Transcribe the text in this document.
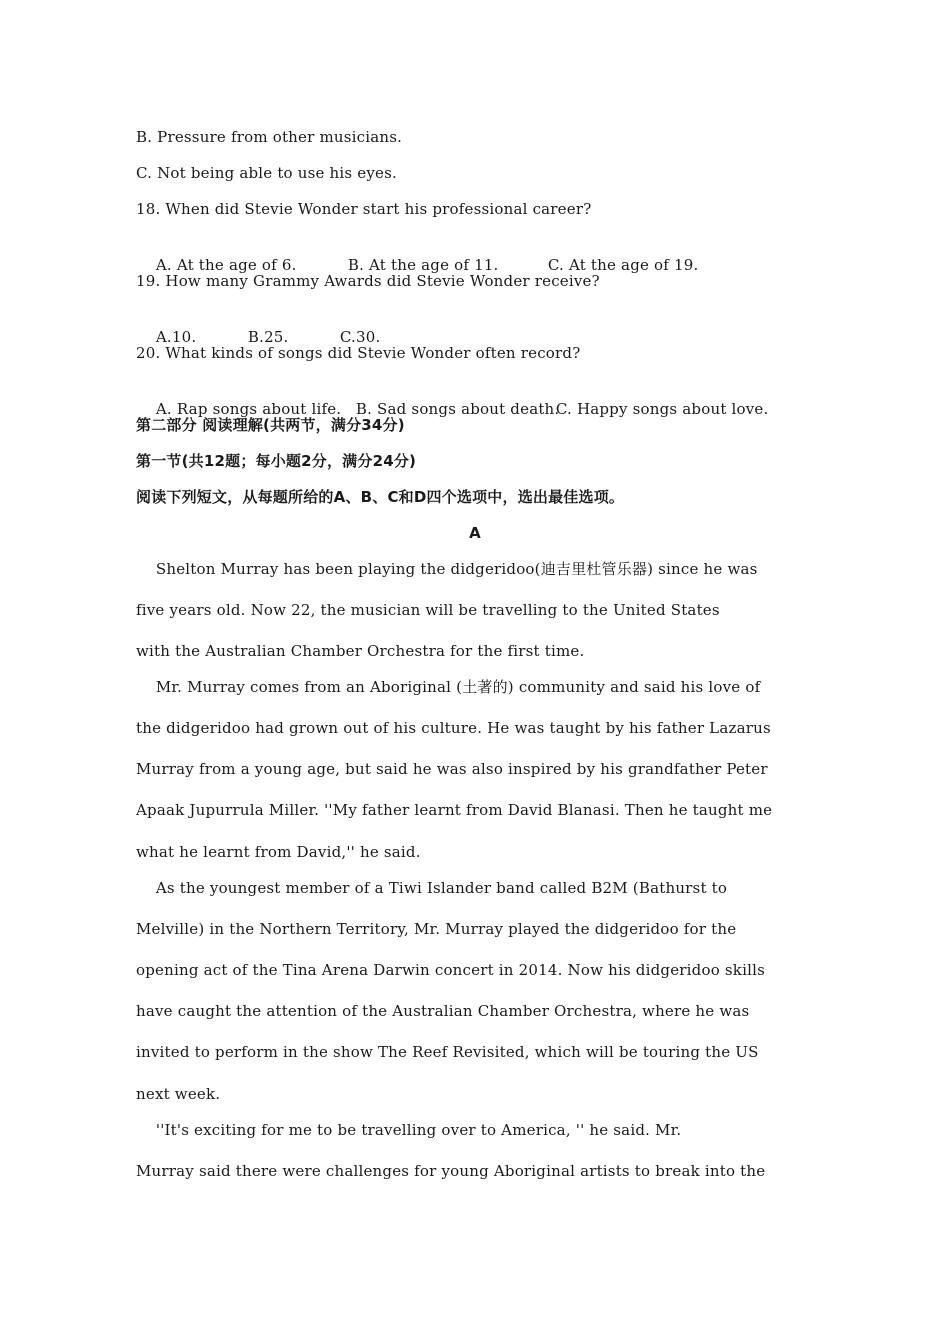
B. Pressure from other musicians.
C. Not being able to use his eyes.
18. When did Stevie Wonder start his professional career?

A. At the age of 6.	B. At the age of 11.	C. At the age of 19.

19. How many Grammy Awards did Stevie Wonder receive?

A.10.	B.25.	C.30.

20. What kinds of songs did Stevie Wonder often record?

A. Rap songs about life. B. Sad songs about death.C. Happy songs about love.

第二部分 阅读理解(共两节，满分34分)
第一节(共12题；每小题2分，满分24分)
阅读下列短文，从每题所给的A、B、C和D四个选项中，选出最佳选项。
A
Shelton Murray has been playing the didgeridoo(迪吉里杜管乐器) since he was
five years old. Now 22, the musician will be travelling to the United States
with the Australian Chamber Orchestra for the first time.
Mr. Murray comes from an Aboriginal (土著的) community and said his love of
the didgeridoo had grown out of his culture. He was taught by his father Lazarus
Murray from a young age, but said he was also inspired by his grandfather Peter
Apaak Jupurrula Miller. ''My father learnt from David Blanasi. Then he taught me
what he learnt from David,'' he said.
As the youngest member of a Tiwi Islander band called B2M (Bathurst to
Melville) in the Northern Territory, Mr. Murray played the didgeridoo for the
opening act of the Tina Arena Darwin concert in 2014. Now his didgeridoo skills
have caught the attention of the Australian Chamber Orchestra, where he was
invited to perform in the show The Reef Revisited, which will be touring the US
next week.
''It's exciting for me to be travelling over to America, '' he said. Mr.
Murray said there were challenges for young Aboriginal artists to break into the
